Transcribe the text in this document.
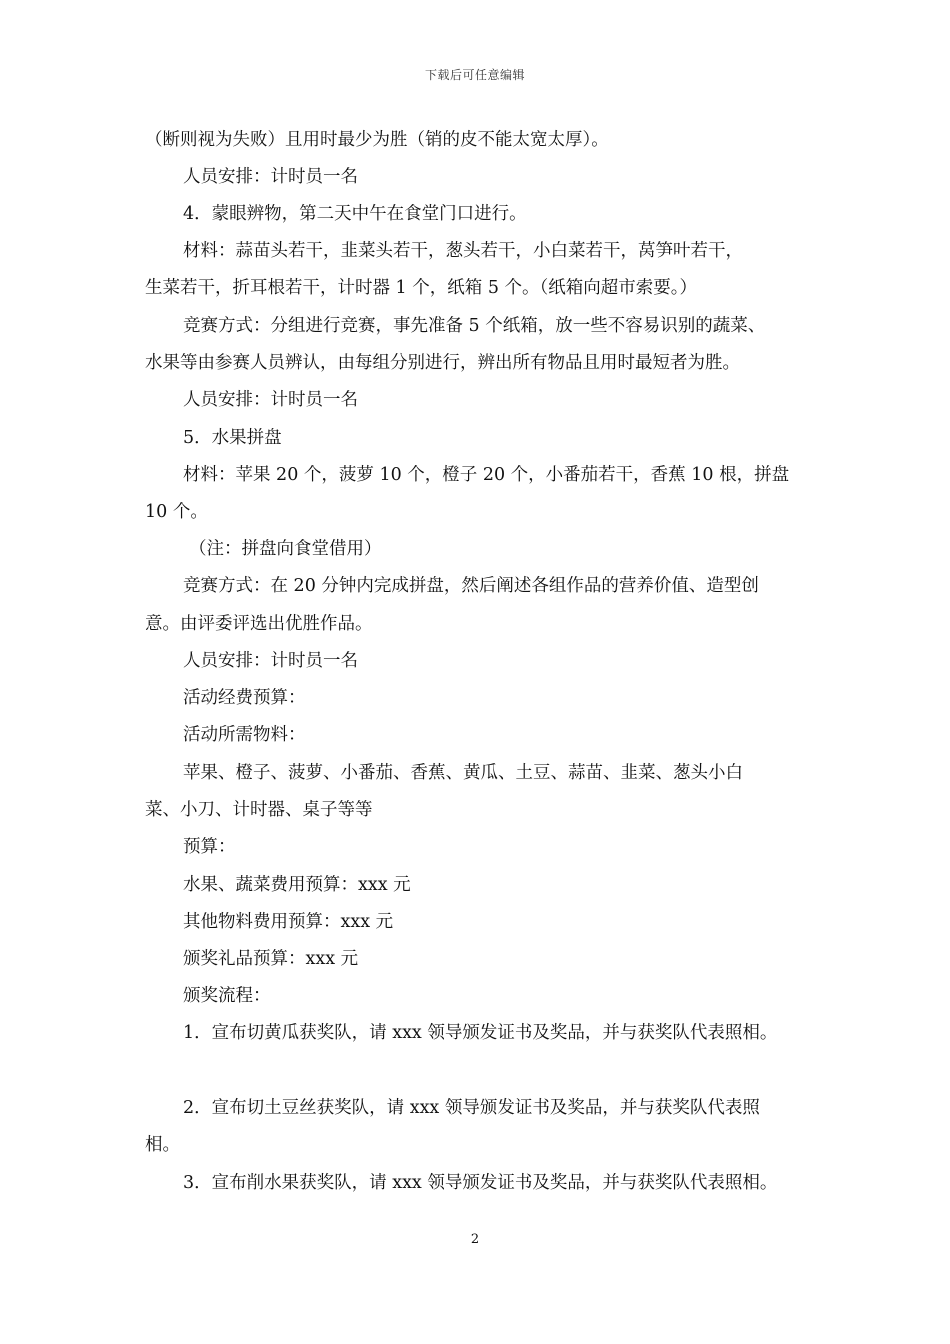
下载后可任意编辑
（断则视为失败）且用时最少为胜（销的皮不能太宽太厚）。
人员安排：计时员一名
4．蒙眼辨物，第二天中午在食堂门口进行。
材料：蒜苗头若干，韭菜头若干，葱头若干，小白菜若干，莴笋叶若干，
生菜若干，折耳根若干，计时器 1 个，纸箱 5 个。（纸箱向超市索要。）
竞赛方式：分组进行竞赛，事先准备 5 个纸箱，放一些不容易识别的蔬菜、
水果等由参赛人员辨认，由每组分别进行，辨出所有物品且用时最短者为胜。
人员安排：计时员一名
5．水果拼盘
材料：苹果 20 个，菠萝 10 个，橙子 20 个，小番茄若干，香蕉 10 根，拼盘
10 个。
（注：拼盘向食堂借用）
竞赛方式：在 20 分钟内完成拼盘，然后阐述各组作品的营养价值、造型创
意。由评委评选出优胜作品。
人员安排：计时员一名
活动经费预算：
活动所需物料：
苹果、橙子、菠萝、小番茄、香蕉、黄瓜、土豆、蒜苗、韭菜、葱头小白
菜、小刀、计时器、桌子等等
预算：
水果、蔬菜费用预算：xxx 元
其他物料费用预算：xxx 元
颁奖礼品预算：xxx 元
颁奖流程：
1．宣布切黄瓜获奖队，请 xxx 领导颁发证书及奖品，并与获奖队代表照相。
2．宣布切土豆丝获奖队，请 xxx 领导颁发证书及奖品，并与获奖队代表照
相。
3．宣布削水果获奖队，请 xxx 领导颁发证书及奖品，并与获奖队代表照相。
2
